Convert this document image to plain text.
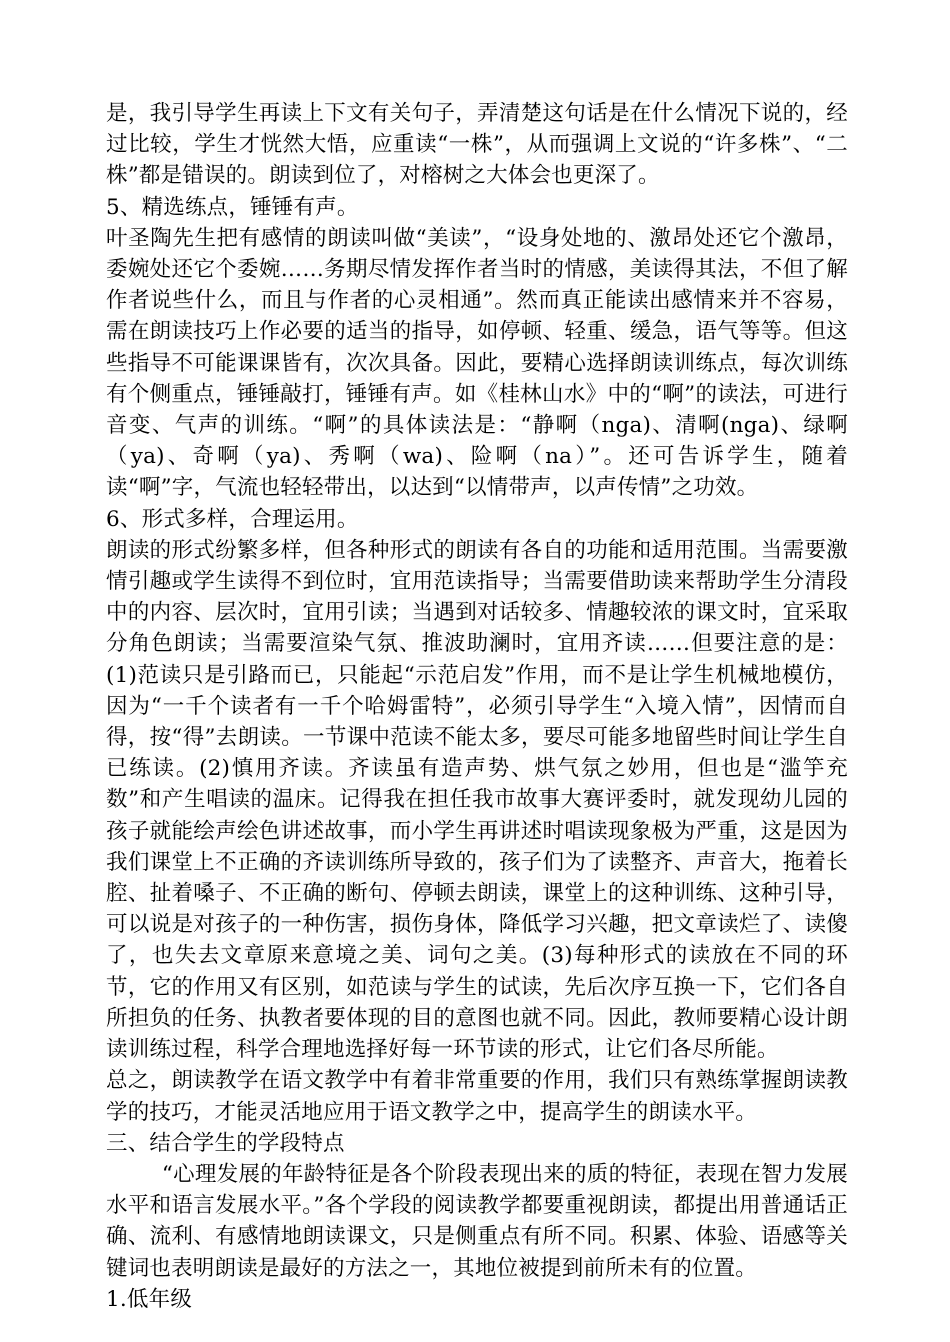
是，我引导学生再读上下文有关句子，弄清楚这句话是在什么情况下说的，经过比较，学生才恍然大悟，应重读“一株”，从而强调上文说的“许多株”、“二株”都是错误的。朗读到位了，对榕树之大体会也更深了。

5、精选练点，锤锤有声。

叶圣陶先生把有感情的朗读叫做“美读”，“设身处地的、激昂处还它个激昂，委婉处还它个委婉……务期尽情发挥作者当时的情感，美读得其法，不但了解作者说些什么，而且与作者的心灵相通”。然而真正能读出感情来并不容易，需在朗读技巧上作必要的适当的指导，如停顿、轻重、缓急，语气等等。但这些指导不可能课课皆有，次次具备。因此，要精心选择朗读训练点，每次训练有个侧重点，锤锤敲打，锤锤有声。如《桂林山水》中的“啊”的读法，可进行音变、气声的训练。“啊”的具体读法是：“静啊（nga)、清啊(nga)、绿啊（ya)、奇啊（ya)、秀啊（wa)、险啊（na）”。还可告诉学生，随着读“啊”字，气流也轻轻带出，以达到“以情带声，以声传情”之功效。

6、形式多样，合理运用。

朗读的形式纷繁多样，但各种形式的朗读有各自的功能和适用范围。当需要激情引趣或学生读得不到位时，宜用范读指导；当需要借助读来帮助学生分清段中的内容、层次时，宜用引读；当遇到对话较多、情趣较浓的课文时，宜采取分角色朗读；当需要渲染气氛、推波助澜时，宜用齐读……但要注意的是：(1)范读只是引路而已，只能起“示范启发”作用，而不是让学生机械地模仿，因为“一千个读者有一千个哈姆雷特”，必须引导学生“入境入情”，因情而自得，按“得”去朗读。一节课中范读不能太多，要尽可能多地留些时间让学生自已练读。(2)慎用齐读。齐读虽有造声势、烘气氛之妙用，但也是“滥竽充数”和产生唱读的温床。记得我在担任我市故事大赛评委时，就发现幼儿园的孩子就能绘声绘色讲述故事，而小学生再讲述时唱读现象极为严重，这是因为我们课堂上不正确的齐读训练所导致的，孩子们为了读整齐、声音大，拖着长腔、扯着嗓子、不正确的断句、停顿去朗读，课堂上的这种训练、这种引导，可以说是对孩子的一种伤害，损伤身体，降低学习兴趣，把文章读烂了、读傻了，也失去文章原来意境之美、词句之美。(3)每种形式的读放在不同的环节，它的作用又有区别，如范读与学生的试读，先后次序互换一下，它们各自所担负的任务、执教者要体现的目的意图也就不同。因此，教师要精心设计朗读训练过程，科学合理地选择好每一环节读的形式，让它们各尽所能。

总之，朗读教学在语文教学中有着非常重要的作用，我们只有熟练掌握朗读教学的技巧，才能灵活地应用于语文教学之中，提高学生的朗读水平。

三、结合学生的学段特点

“心理发展的年龄特征是各个阶段表现出来的质的特征，表现在智力发展水平和语言发展水平。”各个学段的阅读教学都要重视朗读，都提出用普通话正确、流利、有感情地朗读课文，只是侧重点有所不同。积累、体验、语感等关键词也表明朗读是最好的方法之一，其地位被提到前所未有的位置。

1.低年级
